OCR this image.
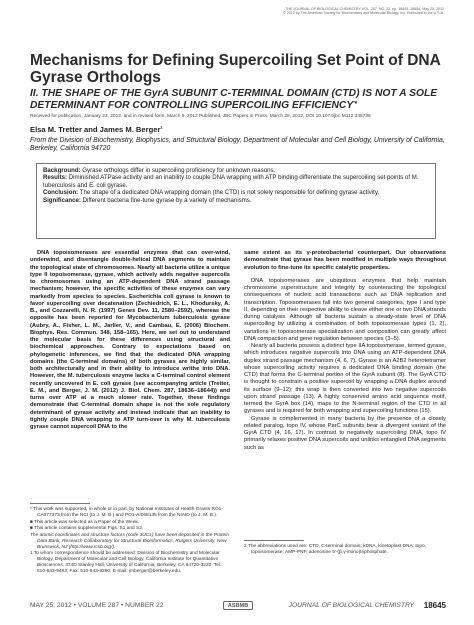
THE JOURNAL OF BIOLOGICAL CHEMISTRY VOL. 287, NO. 22, pp. 18645–18654, May 25, 2012
© 2012 by The American Society for Biochemistry and Molecular Biology, Inc. Published in the U.S.A.
Mechanisms for Defining Supercoiling Set Point of DNA Gyrase Orthologs
II. THE SHAPE OF THE GyrA SUBUNIT C-TERMINAL DOMAIN (CTD) IS NOT A SOLE DETERMINANT FOR CONTROLLING SUPERCOILING EFFICIENCY*■
Received for publication, January 23, 2012, and in revised form, March 9, 2012 Published, JBC Papers in Press, March 28, 2012, DOI 10.1074/jbc.M112.345736
Elsa M. Tretter and James M. Berger$^1$
From the Division of Biochemistry, Biophysics, and Structural Biology, Department of Molecular and Cell Biology, University of California, Berkeley, California 94720

Background: Gyrase orthologs differ in supercoiling proficiency for unknown reasons.

Results: Diminished ATPase activity and an inability to couple DNA wrapping with ATP binding differentiate the supercoiling set points of M. tuberculosis and E. coli gyrase.

Conclusion: The shape of a dedicated DNA wrapping domain (the CTD) is not solely responsible for defining gyrase activity.

Significance: Different bacteria fine-tune gyrase by a variety of mechanisms.

DNA topoisomerases are essential enzymes that can over-wind, underwind, and disentangle double-helical DNA segments to maintain the topological state of chromosomes. Nearly all bacteria utilize a unique type II topoisomerase, gyrase, which actively adds negative supercoils to chromosomes using an ATP-dependent DNA strand passage mechanism; however, the specific activities of these enzymes can vary markedly from species to species. Escherichia coli gyrase is known to favor supercoiling over decatenation (Zechiedrich, E. L., Khodursky, A. B., and Cozzarelli, N. R. (1997) Genes Dev. 11, 2580–2592), whereas the opposite has been reported for Mycobacterium tuberculosis gyrase (Aubry, A., Fisher, L. M., Jarlier, V., and Cambau, E. (2006) Biochem. Biophys. Res. Commun. 348, 158–165). Here, we set out to understand the molecular basis for these differences using structural and biochemical approaches. Contrary to expectations based on phylogenetic inferences, we find that the dedicated DNA wrapping domains (the C-terminal domains) of both gyrases are highly similar, both architecturally and in their ability to introduce writhe into DNA. However, the M. tuberculosis enzyme lacks a C-terminal control element recently uncovered in E. coli gyrase (see accompanying article (Tretter, E. M., and Berger, J. M. (2012) J. Biol. Chem. 287, 18636–18644)) and turns over ATP at a much slower rate. Together, these findings demonstrate that C-terminal domain shape is not the sole regulatory determinant of gyrase activity and instead indicate that an inability to tightly couple DNA wrapping to ATP turn-over is why M. tuberculosis gyrase cannot supercoil DNA to the

same extent as its γ-proteobacterial counterpart. Our observations demonstrate that gyrase has been modified in multiple ways throughout evolution to fine-tune its specific catalytic properties.

DNA topoisomerases are ubiquitous enzymes that help maintain chromosome superstructure and integrity by counteracting the topological consequences of nucleic acid transactions such as DNA replication and transcription. Topoisomerases fall into two general categories, type I and type II, depending on their respective ability to cleave either one or two DNA strands during catalysis. Although all bacteria sustain a steady-state level of DNA supercoiling by utilizing a combination of both topoisomerase types (1, 2), variations in topoisomerase specialization and composition can greatly affect DNA compaction and gene regulation between species (3–5).

Nearly all bacteria possess a distinct type IIA topoisomerase, termed gyrase, which introduces negative supercoils into DNA using an ATP-dependent DNA duplex strand passage mechanism (4, 6, 7). Gyrase is an A2B2 heterotetramer whose supercoiling activity requires a dedicated DNA binding domain (the CTD) that forms the C-terminal portion of the GyrA subunit (8). The GyrA CTD is thought to constrain a positive supercoil by wrapping a DNA duplex around its surface (9–12); this wrap is then converted into two negative supercoils upon strand passage (13). A highly conserved amino acid sequence motif, termed the GyrA box (14), maps to the N-terminal region of the CTD in all gyrases and is required for both wrapping and supercoiling functions (15).

Gyrase is complemented in many bacteria by the presence of a closely related paralog, topo IV, whose ParC subunits bear a divergent variant of the GyrA CTD (4, 16, 17). In contrast to negatively supercoiling DNA, topo IV primarily relaxes positive DNA supercoils and unlinks entangled DNA segments such as

* This work was supported, in whole or in part, by National Institutes of Health Grants RO1-CA077373 from the NCI (to J. M. B.) and PO1-AI068135 from the NIAID (to J. M. B.).

■ This article was selected as a Paper of the Week.

■ This article contains supplemental Figs. S1 and S2.

The atomic coordinates and structure factors (code 3UC1) have been deposited in the Protein Data Bank, Research Collaboratory for Structural Bioinformatics, Rutgers University, New Brunswick, NJ (http://www.rcsb.org/).

1 To whom correspondence should be addressed: Division of Biochemistry and Molecular Biology, Department of Molecular and Cell Biology, California Institute for Quantitative Biosciences, 374D Stanley Hall, University of California, Berkeley, CA 94720-3220. Tel.: 510-643-9483; Fax: 510-643-9290; E-mail: jmberger@berkeley.edu.

2 The abbreviations used are: CTD, C-terminal domain; kDNA, kinetoplast DNA; topo, topoisomerase; AMP-PNP, adenosine 5'-(β,γ-imino)triphosphate.

MAY 25, 2012 • VOLUME 287 • NUMBER 22	ASBMB	JOURNAL OF BIOLOGICAL CHEMISTRY 18645
